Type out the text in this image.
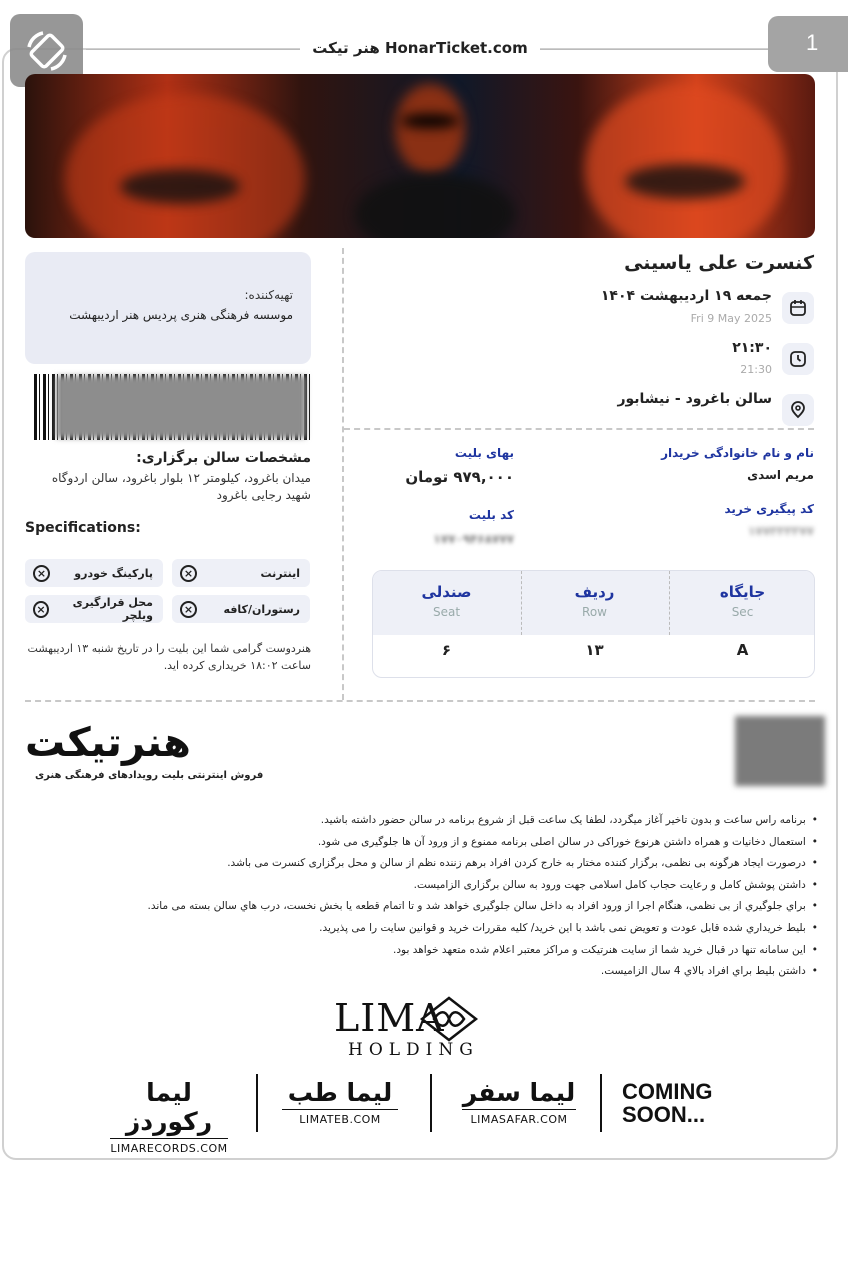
هنر تیکت HonarTicket.com	1
تهیه‌کننده:
موسسه فرهنگی هنری پردیس هنر اردیبهشت
مشخصات سالن برگزاری:
میدان باغرود، کیلومتر ۱۲ بلوار باغرود، سالن اردوگاه شهید رجایی باغرود
Specifications:
اینترنت
×
پارکینگ خودرو
×
رستوران/کافه
×
محل قرارگیری ویلچر
×
هنردوست گرامی شما این بلیت را در تاریخ شنبه ۱۳ اردیبهشت ساعت ۱۸:۰۲ خریداری کرده اید.
کنسرت علی یاسینی
جمعه ۱۹ اردیبهشت ۱۴۰۴
Fri 9 May 2025
۲۱:۳۰
21:30
سالن باغرود - نیشابور
نام و نام خانوادگی خریدار
مریم اسدی
کد پیگیری خرید
۱۷۷۳۳۳۳۷۷
بهای بلیت
۹۷۹,۰۰۰ تومان
کد بلیت
۱۷۷۰۹۴۶۸۷۷۷
جایگاه
Sec
A
ردیف
Row
۱۳
صندلی
Seat
۶
هنرتیکت
فروش اینترنتی بلیت رویدادهای فرهنگی هنری
• برنامه راس ساعت و بدون تاخیر آغاز میگردد، لطفا یک ساعت قبل از شروع برنامه در سالن حضور داشته باشید.
• استعمال دخانیات و همراه داشتن هرنوع خوراکی در سالن اصلی برنامه ممنوع و از ورود آن ها جلوگیری می شود.
• درصورت ایجاد هرگونه بی نظمی، برگزار کننده مختار به خارج کردن افراد برهم زننده نظم از سالن و محل برگزاری کنسرت می باشد.
• داشتن پوشش کامل و رعایت حجاب کامل اسلامی جهت ورود به سالن برگزاری الزامیست.
• براي جلوگيري از بی نظمی، هنگام اجرا از ورود افراد به داخل سالن جلوگيری خواهد شد و تا اتمام قطعه یا بخش نخست، درب هاي سالن بسته می ماند.
• بلیط خریداري شده قابل عودت و تعویض نمی باشد با این خرید/ کلیه مقررات خرید و قوانین سایت را می پذیرید.
• این سامانه تنها در قبال خرید شما از سایت هنرتیکت و مراکز معتبر اعلام شده متعهد خواهد بود.
• داشتن بلیط براي افراد بالاي 4 سال الزامیست.
LIMA
HOLDING
لیما رکوردز
LIMARECORDS.COM
لیما طب
LIMATEB.COM
لیما سفر
LIMASAFAR.COM
COMING
SOON...
